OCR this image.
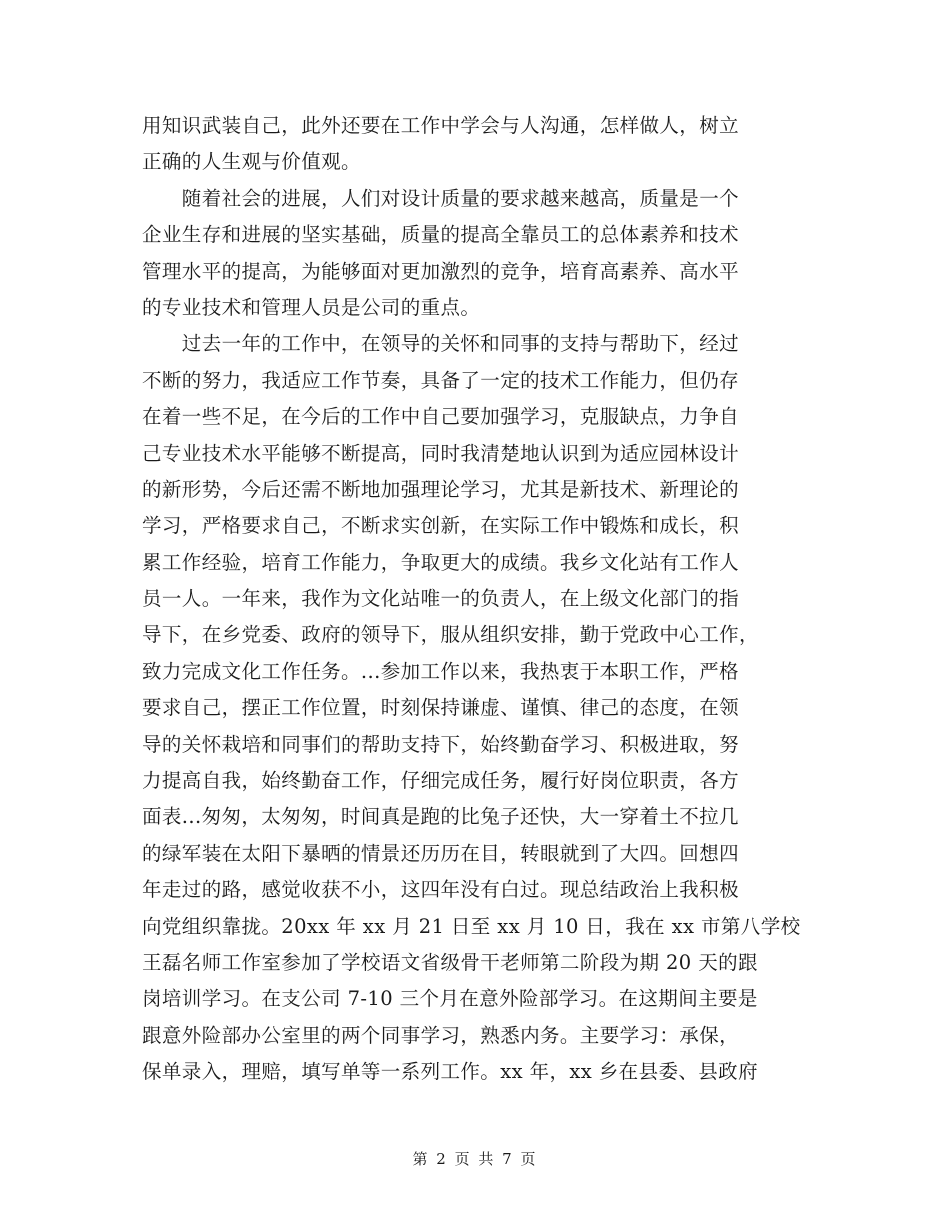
用知识武装自己，此外还要在工作中学会与人沟通，怎样做人，树立
正确的人生观与价值观。
　　随着社会的进展，人们对设计质量的要求越来越高，质量是一个
企业生存和进展的坚实基础，质量的提高全靠员工的总体素养和技术
管理水平的提高，为能够面对更加激烈的竞争，培育高素养、高水平
的专业技术和管理人员是公司的重点。
　　过去一年的工作中，在领导的关怀和同事的支持与帮助下，经过
不断的努力，我适应工作节奏，具备了一定的技术工作能力，但仍存
在着一些不足，在今后的工作中自己要加强学习，克服缺点，力争自
己专业技术水平能够不断提高，同时我清楚地认识到为适应园林设计
的新形势，今后还需不断地加强理论学习，尤其是新技术、新理论的
学习，严格要求自己，不断求实创新，在实际工作中锻炼和成长，积
累工作经验，培育工作能力，争取更大的成绩。我乡文化站有工作人
员一人。一年来，我作为文化站唯一的负责人，在上级文化部门的指
导下，在乡党委、政府的领导下，服从组织安排，勤于党政中心工作，
致力完成文化工作任务。...参加工作以来，我热衷于本职工作，严格
要求自己，摆正工作位置，时刻保持谦虚、谨慎、律己的态度，在领
导的关怀栽培和同事们的帮助支持下，始终勤奋学习、积极进取，努
力提高自我，始终勤奋工作，仔细完成任务，履行好岗位职责，各方
面表...匆匆，太匆匆，时间真是跑的比兔子还快，大一穿着土不拉几
的绿军装在太阳下暴晒的情景还历历在目，转眼就到了大四。回想四
年走过的路，感觉收获不小，这四年没有白过。现总结政治上我积极
向党组织靠拢。20xx 年 xx 月 21 日至 xx 月 10 日，我在 xx 市第八学校
王磊名师工作室参加了学校语文省级骨干老师第二阶段为期 20 天的跟
岗培训学习。在支公司 7-10 三个月在意外险部学习。在这期间主要是
跟意外险部办公室里的两个同事学习，熟悉内务。主要学习：承保，
保单录入，理赔，填写单等一系列工作。xx 年，xx 乡在县委、县政府
第 2 页 共 7 页
